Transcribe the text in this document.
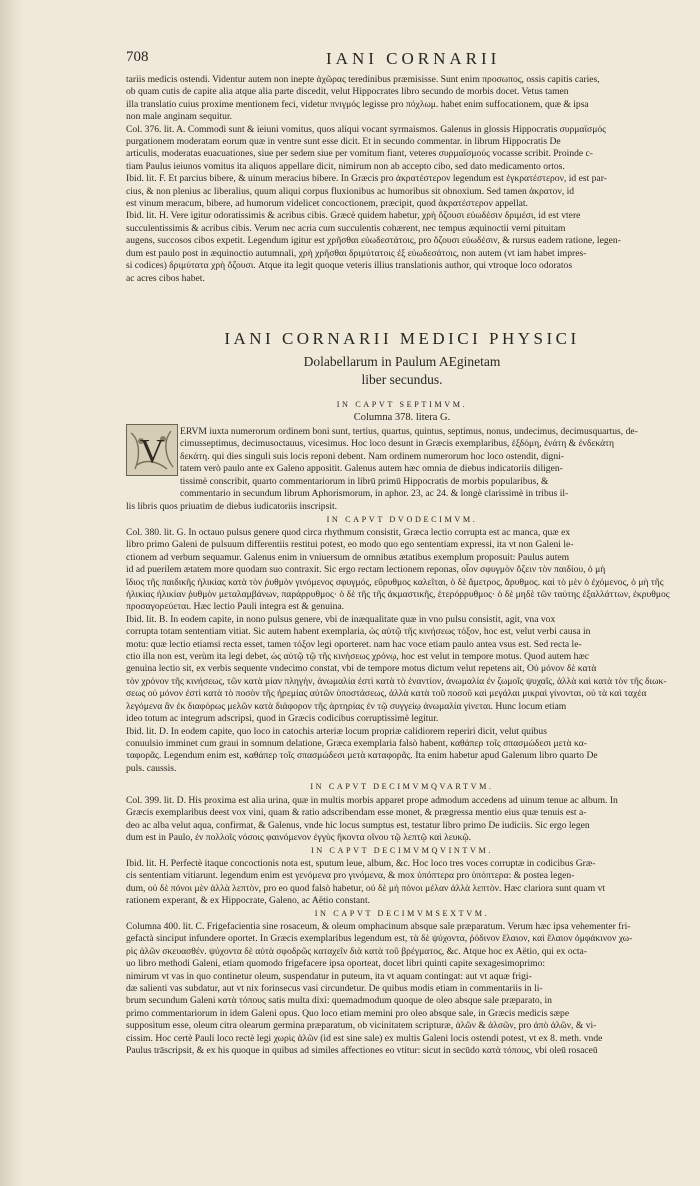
708	IANI CORNARII

tariis medicis ostendi. Videntur autem non inepte ἀχῶρας teredinibus præmisisse. Sunt enim προσωπος, ossis capitis caries,

ob quam cutis de capite alia atque alia parte discedit, velut Hippocrates libro secundo de morbis docet. Vetus tamen

illa translatio cuius proxime mentionem feci, videtur πνιγμός legisse pro πόχλωμ. habet enim suffocationem, quæ & ipsa

non male anginam sequitur.

Col. 376. lit. A. Commodi sunt & ieiuni vomitus, quos aliqui vocant syrmaismos. Galenus in glossis Hippocratis συρμαϊσμός

purgationem moderatam eorum quæ in ventre sunt esse dicit. Et in secundo commentar. in librum Hippocratis De

articulis, moderatas euacuationes, siue per sedem siue per vomitum fiant, veteres συρμαΐσμούς vocasse scribit. Proinde c-

tiam Paulus ieiunos vomitus ita aliquos appellare dicit, nimirum non ab accepto cibo, sed dato medicamento ortos.

Ibid. lit. F. Et parcius bibere, & uinum meracius bibere. In Græcis pro ἀκρατέστερον legendum est ἐγκρατέστερον, id est par-

cius, & non plenius ac liberalius, quum aliqui corpus fluxionibus ac humoribus sit obnoxium. Sed tamen ἀκρατον, id

est vinum meracum, bibere, ad humorum videlicet concoctionem, præcipit, quod ἀκρατέστερον appellat.

Ibid. lit. H. Vere igitur odoratissimis & acribus cibis. Græcè quidem habetur, χρὴ ὄζουσι εὐωδέσιν δριμέσι, id est vtere

succulentissimis & acribus cibis. Verum nec acria cum succulentis cohærent, nec tempus æquinoctii verni pituitam

augens, succosos cibos expetit. Legendum igitur est χρῆσθαι εὐωδεστάτοις, pro ὄζουσι εὐωδέσιν, & rursus eadem ratione, legen-

dum est paulo post in æquinoctio autumnali, χρὴ χρῆσθαι δριμύτατοις ἐξ εὐωδεσάτοις, non autem (vt iam habet impres-

si codices) δριμύτατα χρὴ ὄζουσι. Atque ita legit quoque veteris illius translationis author, qui vtroque loco odoratos

ac acres cibos habet.

IANI CORNARII MEDICI PHYSICI
Dolabellarum in Paulum AEginetam
liber secundus.
IN CAPVT SEPTIMVM.
Columna 378. litera G.
V

ERVM iuxta numerorum ordinem boni sunt, tertius, quartus, quintus, septimus, nonus, undecimus, decimusquartus, de-

cimusseptimus, decimusoctauus, vicesimus. Hoc loco desunt in Græcis exemplaribus, ἑξδόμη, ἐνάτη & ἐνδεκάτη

δεκάτη. qui dies singuli suis locis reponi debent. Nam ordinem numerorum hoc loco ostendit, digni-

tatem verò paulo ante ex Galeno appositit. Galenus autem hæc omnia de diebus indicatoriis diligen-

tissimè conscribit, quarto commentariorum in librū primū Hippocratis de morbis popularibus, &

commentario in secundum librum Aphorismorum, in aphor. 23, ac 24. & longè clarissimè in tribus il-

lis libris quos priuatim de diebus iudicatoriis inscripsit.

IN CAPVT DVODECIMVM.

Col. 380. lit. G. In octauo pulsus genere quod circa rhythmum consistit, Græca lectio corrupta est ac manca, quæ ex

libro primo Galeni de pulsuum differentiis restitui potest, eo modo quo ego sententiam expressi, ita vt non Galeni le-

ctionem ad verbum sequamur. Galenus enim in vniuersum de omnibus ætatibus exemplum proposuit: Paulus autem

id ad puerilem ætatem more quodam suo contraxit. Sic ergo rectam lectionem reponas, οἷον σφυγμὸν ὄζειν τὸν παιδίου, ὁ μὴ

ἴδιος τῆς παιδικῆς ἡλικίας κατὰ τὸν ῥυθμὸν γινόμενος σφυγμός, εὔρυθμος καλεῖται, ὁ δὲ ἄμετρος, ἄρυθμος. καὶ τὸ μὲν ὁ ἐχόμενος, ὁ μὴ τῆς

ἡλικίας ἡλικίαν ῥυθμὸν μεταλαμβάνων, παράρρυθμος· ὁ δὲ τῆς τῆς ἀκμαστικῆς, ἑτερόρρυθμος· ὁ δὲ μηδὲ τῶν ταύτης ἐξαλλάττων, ἐκρυθμος

προσαγορεύεται. Hæc lectio Pauli integra est & genuina.

Ibid. lit. B. In eodem capite, in nono pulsus genere, vbi de inæqualitate quæ in vno pulsu consistit, agit, vna vox

corrupta totam sententiam vitiat. Sic autem habent exemplaria, ὡς αὐτῷ τῆς κινήσεως τόξον, hoc est, velut verbi causa in

motu: quæ lectio etiamsi recta esset, tamen τόξον legi oporteret. nam hac voce etiam paulo antea vsus est. Sed recta le-

ctio illa non est, verùm ita legi debet, ὡς αὐτῷ τῷ τῆς κινήσεως χρόνῳ, hoc est velut in tempore motus. Quod autem hæc

genuina lectio sit, ex verbis sequente vndecimo constat, vbi de tempore motus dictum velut repetens ait, Οὐ μόνον δὲ κατὰ

τὸν χρόνον τῆς κινήσεως, τῶν κατὰ μίαν πληγὴν, ἀνωμαλία ἐστὶ κατὰ τὸ ἐναντίον, ἀνωμαλία ἐν ζωμοῖς ψυχαῖς, ἀλλὰ καὶ κατὰ τὸν τῆς διωκ-

σεως οὐ μόνον ἐστὶ κατὰ τὸ ποσὸν τῆς ἠρεμίας αὐτῶν ὑποστάσεως, ἀλλὰ κατὰ τοῦ ποσοῦ καὶ μεγάλαι μικραὶ γίνονται, οὐ τὰ καὶ ταχέα

λεγόμενα ἂν ἐκ διαφόρως μελῶν κατὰ διάφορον τῆς ἀρτηρίας ἐν τῷ συγγείῳ ἀνωμαλία γίνεται. Hunc locum etiam

ideo totum ac integrum adscripsi, quod in Græcis codicibus corruptissimè legitur.

Ibid. lit. D. In eodem capite, quo loco in catochis arteriæ locum propriæ calidiorem reperiri dicit, velut quibus

conuulsio imminet cum graui in somnum delatione, Græca exemplaria falsò habent, καθάπερ τοῖς σπασμώδεσι μετὰ κα-

ταφορᾶς. Legendum enim est, καθάπερ τοῖς σπασμώδεσι μετὰ καταφορᾶς. Ita enim habetur apud Galenum libro quarto De

puls. caussis.

IN CAPVT DECIMVMQVARTVM.

Col. 399. lit. D. His proxima est alia urina, quæ in multis morbis apparet prope admodum accedens ad uinum tenue ac album. In

Græcis exemplaribus deest vox vini, quam & ratio adscribendam esse monet, & prægressa mentio eius quæ tenuis est a-

deo ac alba velut aqua, confirmat, & Galenus, vnde hic locus sumptus est, testatur libro primo De iudiciis. Sic ergo legen

dum est in Paulo, ἐν πολλοῖς νόσοις φαινόμενον ἐγγὺς ἥκοντα οἴνου τῷ λεπτῷ καὶ λευκῷ.

IN CAPVT DECIMVMQVINTVM.

Ibid. lit. H. Perfectè itaque concoctionis nota est, sputum leue, album, &c. Hoc loco tres voces corruptæ in codicibus Græ-

cis sententiam vitiarunt. legendum enim est γενόμενα pro γινόμενα, & mox ὑπόπτερα pro ὑπόπτερα: & postea legen-

dum, οὐ δὲ πόνοι μὲν ἀλλὰ λεπτὸν, pro eo quod falsò habetur, οὐ δὲ μὴ πόνοι μέλαν ἀλλὰ λεπτὸν. Hæc clariora sunt quam vt

rationem experant, & ex Hippocrate, Galeno, ac Aëtio constant.

IN CAPVT DECIMVMSEXTVM.

Columna 400. lit. C. Frigefacientia sine rosaceum, & oleum omphacinum absque sale præparatum. Verum hæc ipsa vehementer fri-

gefactà sinciput infundere oportet. In Græcis exemplaribus legendum est, τὰ δὲ ψύχοντα, ῥόδινον ἔλαιον, καὶ ἔλαιον ὀμφάκινον χω-

ρὶς ἁλῶν σκευασθέν. ψύχοντα δὲ αὐτὰ σφοδρῶς καταχεῖν διὰ κατὰ τοῦ βρέγματος, &c. Atque hoc ex Aëtio, qui ex octa-

uo libro methodi Galeni, etiam quomodo frigefacere ipsa oporteat, docet libri quinti capite sexagesimoprimo:

nimirum vt vas in quo continetur oleum, suspendatur in puteum, ita vt aquam contingat: aut vt aquæ frigi-

dæ salienti vas subdatur, aut vt nix forinsecus vasi circundetur. De quibus modis etiam in commentariis in li-

brum secundum Galeni κατὰ τόπους satis multa dixi: quemadmodum quoque de oleo absque sale præparato, in

primo commentariorum in idem Galeni opus. Quo loco etiam memini pro oleo absque sale, in Græcis medicis sæpe

suppositum esse, oleum citra olearum germina præparatum, ob vicinitatem scripturæ, ἁλῶν & ἀλσῶν, pro ἀπὸ ἁλῶν, & vi-

cissim. Hoc certè Pauli loco rectè legi χωρὶς ἁλῶν (id est sine sale) ex multis Galeni locis ostendi potest, vt ex 8. meth. vnde

Paulus trāscripsit, & ex his quoque in quibus ad similes affectiones eo vtitur: sicut in secūdo κατὰ τόπους, vbi oleū rosaceū
